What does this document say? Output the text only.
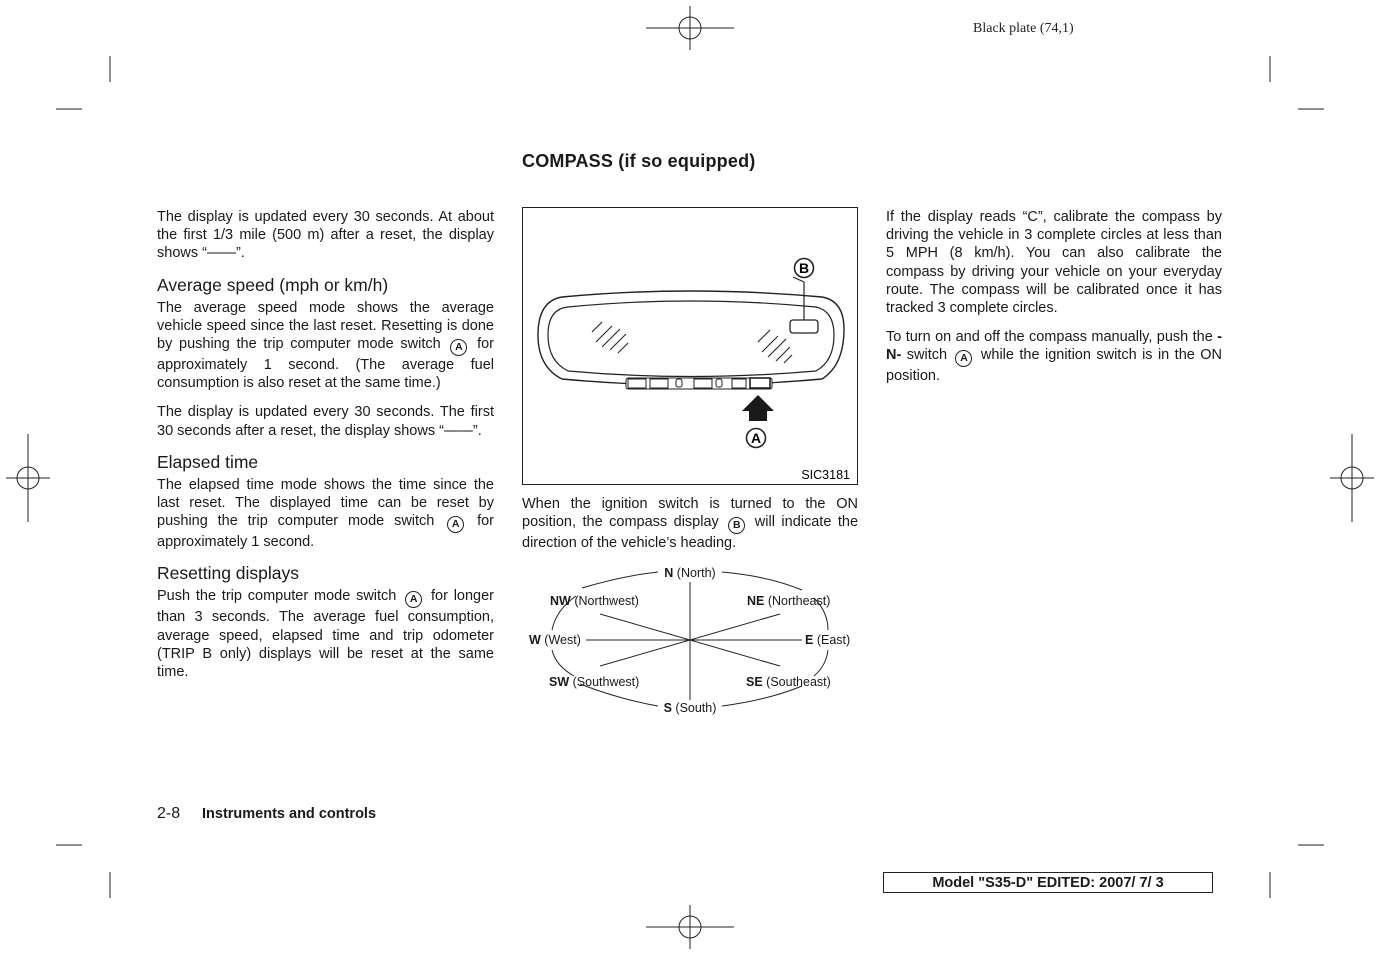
Black plate (74,1)
COMPASS (if so equipped)

The display is updated every 30 seconds. At about the first 1/3 mile (500 m) after a reset, the display shows “——”.

Average speed (mph or km/h)

The average speed mode shows the average vehicle speed since the last reset. Resetting is done by pushing the trip computer mode switch A for approximately 1 second. (The average fuel consumption is also reset at the same time.)

The display is updated every 30 seconds. The first 30 seconds after a reset, the display shows “——”.

Elapsed time

The elapsed time mode shows the time since the last reset. The displayed time can be reset by pushing the trip computer mode switch A for approximately 1 second.

Resetting displays

Push the trip computer mode switch A for longer than 3 seconds. The average fuel consumption, average speed, elapsed time and trip odometer (TRIP B only) displays will be reset at the same time.

B
A
SIC3181
When the ignition switch is turned to the ON position, the compass display B will indicate the direction of the vehicle’s heading.
N (North)
NW (Northwest)	NE (Northeast)
W (West)	E (East)
SW (Southwest)	SE (Southeast)
S (South)

If the display reads “C”, calibrate the compass by driving the vehicle in 3 complete circles at less than 5 MPH (8 km/h). You can also calibrate the compass by driving your vehicle on your everyday route. The compass will be calibrated once it has tracked 3 complete circles.

To turn on and off the compass manually, push the -N- switch A while the ignition switch is in the ON position.

2-8 Instruments and controls
Model "S35-D" EDITED: 2007/ 7/ 3
